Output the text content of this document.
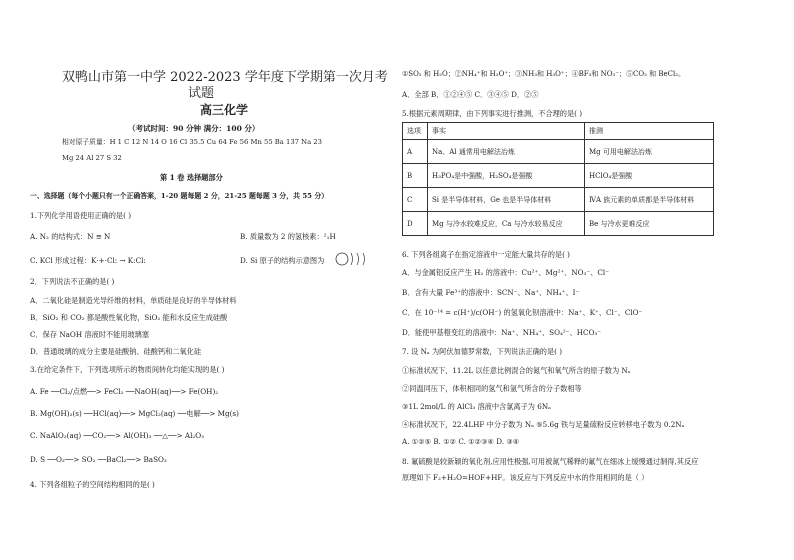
双鸭山市第一中学 2022-2023 学年度下学期第一次月考
试题
高三化学
（考试时间：90 分钟 满分：100 分）
相对原子质量：H 1 C 12 N 14 O 16 Cl 35.5 Cu 64 Fe 56 Mn 55 Ba 137 Na 23
Mg 24 Al 27 S 32
第 1 卷 选择题部分
一、选择题（每个小题只有一个正确答案，1-20 题每题 2 分，21-25 题每题 3 分，共 55 分）
1.下列化学用语使用正确的是( )
A. N₂ 的结构式：N ≡ N	B. 质量数为 2 的氢核素：²₁H
C. KCl 形成过程：K·+·Cl: → K:Cl:	D. Si 原子的结构示意图为
2．下列说法不正确的是( )
A．二氧化硅是制造光导纤维的材料，单质硅是良好的半导体材料
B．SiO₂ 和 CO₂ 都是酸性氧化物，SiO₂ 能和水反应生成硅酸
C．保存 NaOH 溶液时不能用玻璃塞
D．普通玻璃的成分主要是硅酸钠、硅酸钙和二氧化硅
3.在给定条件下，下列选项所示的物质间转化均能实现的是( )
A. Fe ──Cl₂/点燃──> FeCl₂ ──NaOH(aq)──> Fe(OH)₂
B. Mg(OH)₂(s) ──HCl(aq)──> MgCl₂(aq) ──电解──> Mg(s)
C. NaAlO₂(aq) ──CO₂──> Al(OH)₃ ──△──> Al₂O₃
D. S ──O₂──> SO₂ ──BaCl₂──> BaSO₃
4. 下列各组粒子的空间结构相同的是( )
①SO₂ 和 H₂O；②NH₄⁺和 H₃O⁺；③NH₃和 H₃O⁺；④BF₃和 NO₃⁻；⑤CO₂ 和 BeCl₂。
A．全部 B．①②④⑤ C．③④⑤ D．②⑤
5.根据元素周期律，由下列事实进行推测，不合理的是( )
选项	事实	推测
A	Na、Al 通常用电解法冶炼	Mg 可用电解法冶炼
B	H₃PO₄是中强酸，H₂SO₄是强酸	HClO₄是强酸
C	Si 是半导体材料，Ge 也是半导体材料	ⅣA 族元素的单质都是半导体材料
D	Mg 与冷水较难反应，Ca 与冷水较易反应	Be 与冷水更难反应
6. 下列各组离子在指定溶液中一定能大量共存的是( )
A．与金属铝反应产生 H₂ 的溶液中：Cu²⁺、Mg²⁺、NO₃⁻、Cl⁻
B．含有大量 Fe³⁺的溶液中：SCN⁻、Na⁺、NH₄⁺、I⁻
C．在 10⁻¹⁴ = c(H⁺)/c(OH⁻) 的氢氧化钡溶液中：Na⁺、K⁺、Cl⁻、ClO⁻
D．能使甲基橙变红的溶液中：Na⁺、NH₄⁺、SO₄²⁻、HCO₃⁻
7. 设 Nₐ 为阿伏加德罗常数，下列说法正确的是( )
①标准状况下，11.2L 以任意比例混合的氮气和氧气所含的原子数为 Nₐ
②同温同压下，体积相同的氢气和氩气所含的分子数相等
③1L 2mol/L 的 AlCl₃ 溶液中含氯离子为 6Nₐ
④标准状况下，22.4LHF 中分子数为 Nₐ ⑤5.6g 铁与足量硫粉反应转移电子数为 0.2Nₐ
A. ①②⑤ B. ①② C. ①②③④ D. ③④
8. 氟硫酸是较新颖的氧化剂,应用性极强,可用被氮气稀释的氟气在细冰上缓慢通过制得,其反应
原理如下 F₂+H₂O=HOF+HF。该反应与下列反应中水的作用相同的是（ ）
